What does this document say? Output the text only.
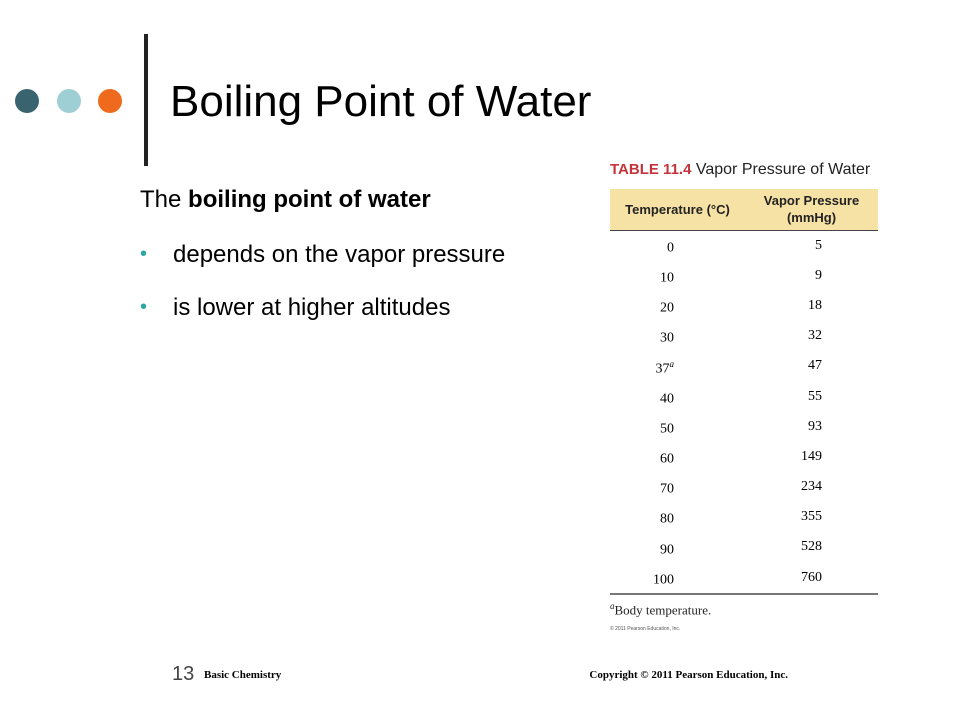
Boiling Point of Water
The boiling point of water
• depends on the vapor pressure
• is lower at higher altitudes
TABLE 11.4 Vapor Pressure of Water
Temperature (°C)	Vapor Pressure (mmHg)
0	5
10	9
20	18
30	32
37$^a$	47
40	55
50	93
60	149
70	234
80	355
90	528
100	760
$^a$Body temperature.
© 2011 Pearson Education, Inc.
13 Basic Chemistry	Copyright © 2011 Pearson Education, Inc.
